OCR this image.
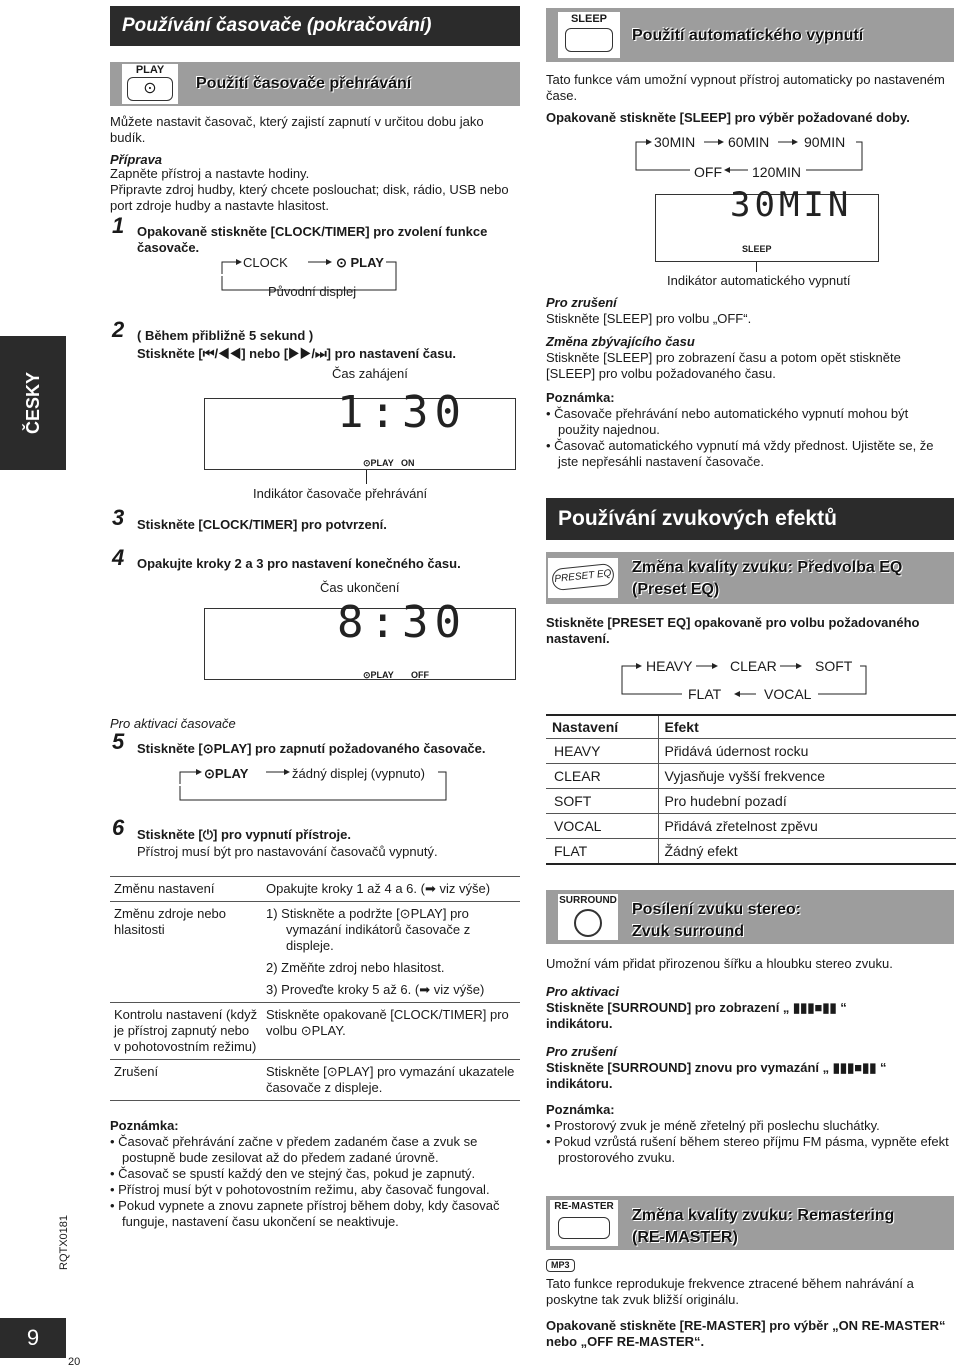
ČESKY
RQTX0181
9
20
Používání časovače (pokračování)
PLAY
⊙	Použití časovače přehrávání
Můžete nastavit časovač, který zajistí zapnutí v určitou dobu jako budík.
Příprava
Zapněte přístroj a nastavte hodiny.
Připravte zdroj hudby, který chcete poslouchat; disk, rádio, USB nebo port zdroje hudby a nastavte hlasitost.
1 Opakovaně stiskněte [CLOCK/TIMER] pro zvolení funkce časovače.
CLOCK	⊙ PLAY
Původní displej
2 ( Během přibližně 5 sekund )
Stiskněte [⏮/◀◀] nebo [▶▶/⏭] pro nastavení času.
Čas zahájení
1:30
⊙PLAY ON
Indikátor časovače přehrávání
3 Stiskněte [CLOCK/TIMER] pro potvrzení.
4 Opakujte kroky 2 a 3 pro nastavení konečného času.
Čas ukončení
8:30
⊙PLAY OFF
Pro aktivaci časovače
5 Stiskněte [⊙PLAY] pro zapnutí požadovaného časovače.
⊙PLAY	žádný displej (vypnuto)
6 Stiskněte [⏻] pro vypnutí přístroje.
Přístroj musí být pro nastavování časovačů vypnutý.
Změnu nastavení	Opakujte kroky 1 až 4 a 6. (➡ viz výše)
Změnu zdroje nebo hlasitosti	1) Stiskněte a podržte [⊙PLAY] pro vymazání indikátorů časovače z displeje.
2) Změňte zdroj nebo hlasitost.
3) Proveďte kroky 5 až 6. (➡ viz výše)

Kontrolu nastavení (když je přístroj zapnutý nebo v pohotovostním režimu)	Stiskněte opakovaně [CLOCK/TIMER] pro volbu ⊙PLAY.
Zrušení	Stiskněte [⊙PLAY] pro vymazání ukazatele časovače z displeje.
Poznámka:
• Časovač přehrávání začne v předem zadaném čase a zvuk se postupně bude zesilovat až do předem zadané úrovně.
• Časovač se spustí každý den ve stejný čas, pokud je zapnutý.
• Přístroj musí být v pohotovostním režimu, aby časovač fungoval.
• Pokud vypnete a znovu zapnete přístroj během doby, kdy časovač funguje, nastavení času ukončení se neaktivuje.
SLEEP
Použití automatického vypnutí
Tato funkce vám umožní vypnout přístroj automaticky po nastaveném čase.
Opakovaně stiskněte [SLEEP] pro výběr požadované doby.
30MIN 60MIN 90MIN
OFF 120MIN
30MIN
SLEEP
Indikátor automatického vypnutí
Pro zrušení
Stiskněte [SLEEP] pro volbu „OFF“.
Změna zbývajícího času
Stiskněte [SLEEP] pro zobrazení času a potom opět stiskněte [SLEEP] pro volbu požadovaného času.
Poznámka:
• Časovače přehrávání nebo automatického vypnutí mohou být použity najednou.
• Časovač automatického vypnutí má vždy přednost. Ujistěte se, že jste nepřesáhli nastavení časovače.
Používání zvukových efektů
PRESET EQ
Změna kvality zvuku: Předvolba EQ
(Preset EQ)
Stiskněte [PRESET EQ] opakovaně pro volbu požadovaného nastavení.
HEAVY	CLEAR	SOFT
FLAT	VOCAL
Nastavení	Efekt
HEAVY	Přidává údernost rocku
CLEAR	Vyjasňuje vyšší frekvence
SOFT	Pro hudební pozadí
VOCAL	Přidává zřetelnost zpěvu
FLAT	Žádný efekt
SURROUND
Posílení zvuku stereo:
Zvuk surround
Umožní vám přidat přirozenou šířku a hloubku stereo zvuku.
Pro aktivaci
Stiskněte [SURROUND] pro zobrazení „ ▮▮▮■▮▮ “ indikátoru.
Pro zrušení
Stiskněte [SURROUND] znovu pro vymazání „ ▮▮▮■▮▮ “ indikátoru.
Poznámka:
• Prostorový zvuk je méně zřetelný při poslechu sluchátky.
• Pokud vzrůstá rušení během stereo příjmu FM pásma, vypněte efekt prostorového zvuku.
RE-MASTER
Změna kvality zvuku: Remastering
(RE-MASTER)
MP3
Tato funkce reprodukuje frekvence ztracené během nahrávání a poskytne tak zvuk bližší originálu.
Opakovaně stiskněte [RE-MASTER] pro výběr „ON RE-MASTER“ nebo „OFF RE-MASTER“.
